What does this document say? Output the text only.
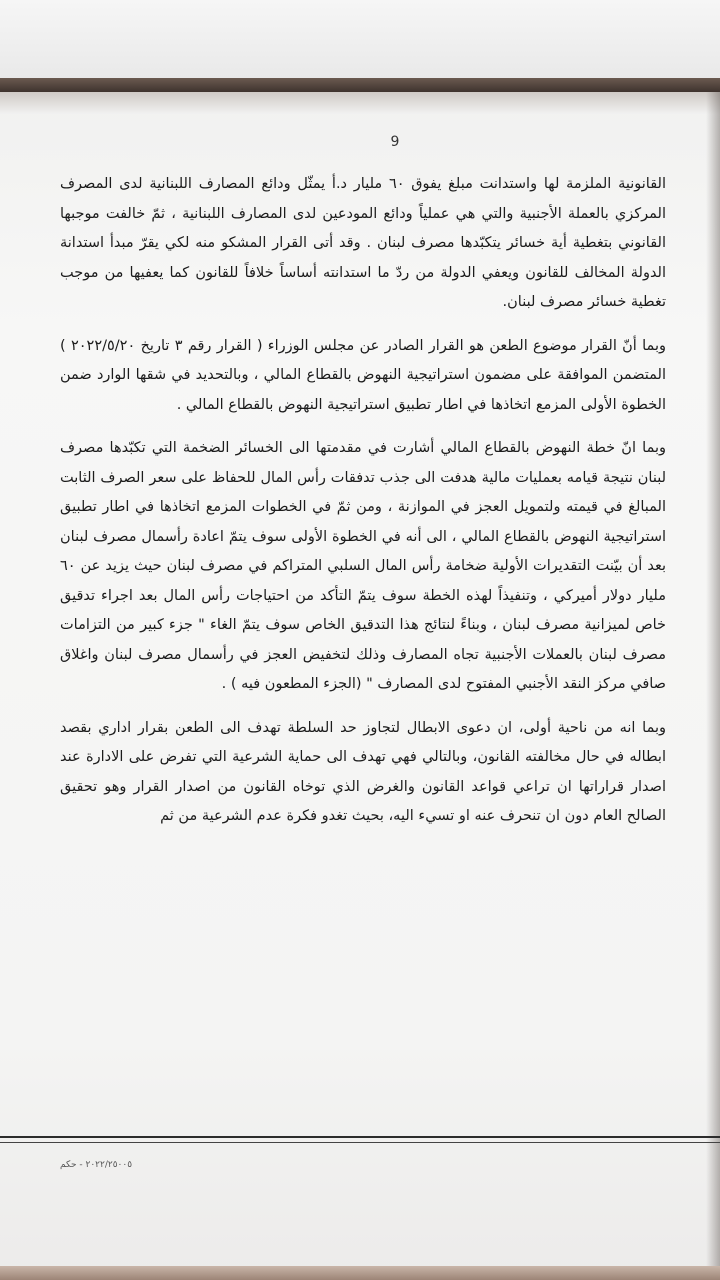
9

القانونية الملزمة لها واستدانت مبلغ يفوق ٦٠ مليار د.أ يمثّل ودائع المصارف اللبنانية لدى المصرف المركزي بالعملة الأجنبية والتي هي عملياً ودائع المودعين لدى المصارف اللبنانية ، ثمّ خالفت موجبها القانوني بتغطية أية خسائر يتكبّدها مصرف لبنان . وقد أتى القرار المشكو منه لكي يقرّ مبدأ استدانة الدولة المخالف للقانون ويعفي الدولة من ردّ ما استدانته أساساً خلافاً للقانون كما يعفيها من موجب تغطية خسائر مصرف لبنان.

وبما أنّ القرار موضوع الطعن هو القرار الصادر عن مجلس الوزراء ( القرار رقم ٣ تاريخ ٢٠٢٢/٥/٢٠ ) المتضمن الموافقة على مضمون استراتيجية النهوض بالقطاع المالي ، وبالتحديد في شقها الوارد ضمن الخطوة الأولى المزمع اتخاذها في اطار تطبيق استراتيجية النهوض بالقطاع المالي .

وبما انّ خطة النهوض بالقطاع المالي أشارت في مقدمتها الى الخسائر الضخمة التي تكبّدها مصرف لبنان نتيجة قيامه بعمليات مالية هدفت الى جذب تدفقات رأس المال للحفاظ على سعر الصرف الثابت المبالغ في قيمته ولتمويل العجز في الموازنة ، ومن ثمّ في الخطوات المزمع اتخاذها في اطار تطبيق استراتيجية النهوض بالقطاع المالي ، الى أنه في الخطوة الأولى سوف يتمّ اعادة رأسمال مصرف لبنان بعد أن بيّنت التقديرات الأولية ضخامة رأس المال السلبي المتراكم في مصرف لبنان حيث يزيد عن ٦٠ مليار دولار أميركي ، وتنفيذاً لهذه الخطة سوف يتمّ التأكد من احتياجات رأس المال بعد اجراء تدقيق خاص لميزانية مصرف لبنان ، وبناءً لنتائج هذا التدقيق الخاص سوف يتمّ الغاء " جزء كبير من التزامات مصرف لبنان بالعملات الأجنبية تجاه المصارف وذلك لتخفيض العجز في رأسمال مصرف لبنان واغلاق صافي مركز النقد الأجنبي المفتوح لدى المصارف " (الجزء المطعون فيه ) .

وبما انه من ناحية أولى، ان دعوى الابطال لتجاوز حد السلطة تهدف الى الطعن بقرار اداري بقصد ابطاله في حال مخالفته القانون، وبالتالي فهي تهدف الى حماية الشرعية التي تفرض على الادارة عند اصدار قراراتها ان تراعي قواعد القانون والغرض الذي توخاه القانون من اصدار القرار وهو تحقيق الصالح العام دون ان تنحرف عنه او تسيء اليه، بحيث تغدو فكرة عدم الشرعية من ثم

٢٠٢٢/٢٥٠٠٥ - حكم
